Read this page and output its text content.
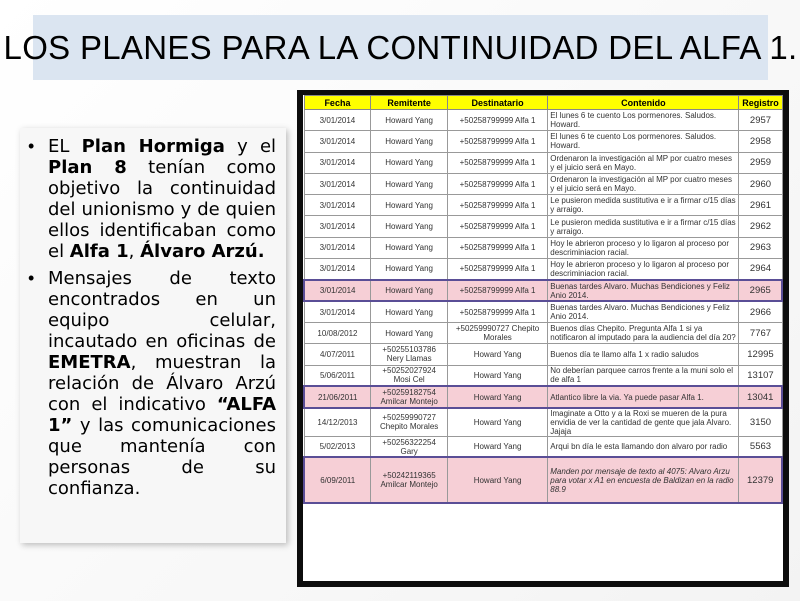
LOS PLANES PARA LA CONTINUIDAD DEL ALFA 1.
• EL Plan Hormiga y el Plan 8 tenían como objetivo la continuidad del unionismo y de quien ellos identificaban como el Alfa 1, Álvaro Arzú.
• Mensajes de texto encontrados en un equipo celular, incautado en oficinas de EMETRA, muestran la relación de Álvaro Arzú con el indicativo “ALFA 1” y las comunicaciones que mantenía con personas de su confianza.
Fecha	Remitente	Destinatario	Contenido	Registro
3/01/2014	Howard Yang	+50258799999 Alfa 1	El lunes 6 te cuento Los pormenores. Saludos. Howard.	2957
3/01/2014	Howard Yang	+50258799999 Alfa 1	El lunes 6 te cuento Los pormenores. Saludos. Howard.	2958
3/01/2014	Howard Yang	+50258799999 Alfa 1	Ordenaron la investigación al MP por cuatro meses y el juicio será en Mayo.	2959
3/01/2014	Howard Yang	+50258799999 Alfa 1	Ordenaron la investigación al MP por cuatro meses y el juicio será en Mayo.	2960
3/01/2014	Howard Yang	+50258799999 Alfa 1	Le pusieron medida sustitutiva e ir a firmar c/15 días y arraigo.	2961
3/01/2014	Howard Yang	+50258799999 Alfa 1	Le pusieron medida sustitutiva e ir a firmar c/15 días y arraigo.	2962
3/01/2014	Howard Yang	+50258799999 Alfa 1	Hoy le abrieron proceso y lo ligaron al proceso por descriminiacion racial.	2963
3/01/2014	Howard Yang	+50258799999 Alfa 1	Hoy le abrieron proceso y lo ligaron al proceso por descriminiacion racial.	2964
3/01/2014	Howard Yang	+50258799999 Alfa 1	Buenas tardes Alvaro. Muchas Bendiciones y Feliz Anio 2014.	2965
3/01/2014	Howard Yang	+50258799999 Alfa 1	Buenas tardes Alvaro. Muchas Bendiciones y Feliz Anio 2014.	2966
10/08/2012	Howard Yang	+50259990727 Chepito Morales	Buenos días Chepito. Pregunta Alfa 1 si ya notificaron al imputado para la audiencia del día 20?	7767
4/07/2011	+50255103786 Nery Llamas	Howard Yang	Buenos día te llamo alfa 1 x radio saludos	12995
5/06/2011	+50252027924 Mosi Cel	Howard Yang	No deberían parquee carros frente a la muni solo el de alfa 1	13107
21/06/2011	+50259182754 Amilcar Montejo	Howard Yang	Atlantico libre la via. Ya puede pasar Alfa 1.	13041
14/12/2013	+50259990727 Chepito Morales	Howard Yang	Imaginate a Otto y a la Roxi se mueren de la pura envidia de ver la cantidad de gente que jala Alvaro. Jajaja	3150
5/02/2013	+50256322254 Gary	Howard Yang	Arqui bn día le esta llamando don alvaro por radio	5563
6/09/2011	+50242119365 Amilcar Montejo	Howard Yang	Manden por mensaje de texto al 4075: Alvaro Arzu para votar x A1 en encuesta de Baldizan en la radio 88.9	12379
